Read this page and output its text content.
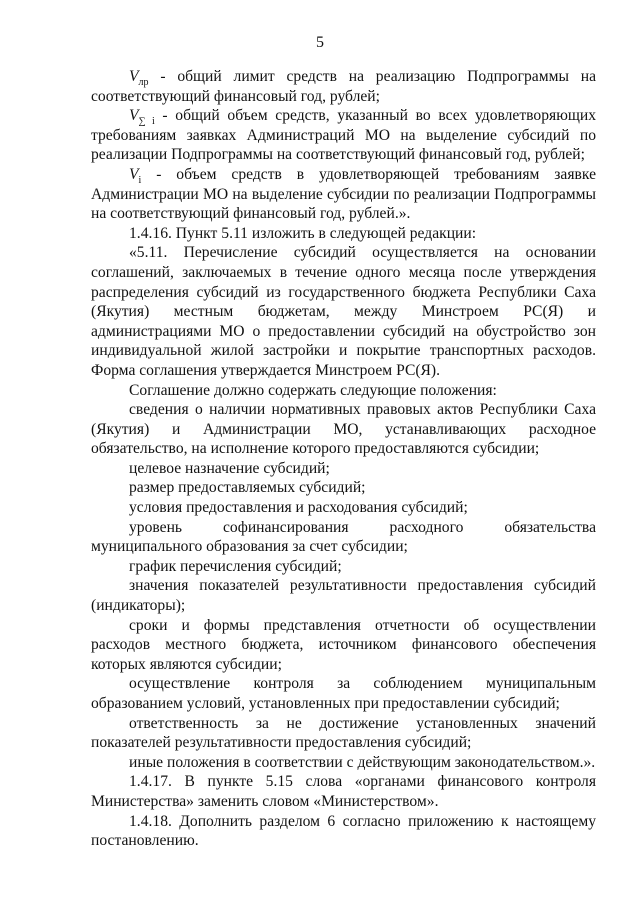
5

$V_{лр}$ - общий лимит средств на реализацию Подпрограммы на соответствующий финансовый год, рублей;

$V_{\sum i}$ - общий объем средств, указанный во всех удовлетворяющих требованиям заявках Администраций МО на выделение субсидий по реализации Подпрограммы на соответствующий финансовый год, рублей;

$V_i$ - объем средств в удовлетворяющей требованиям заявке Администрации МО на выделение субсидии по реализации Подпрограммы на соответствующий финансовый год, рублей.».

1.4.16. Пункт 5.11 изложить в следующей редакции:

«5.11. Перечисление субсидий осуществляется на основании соглашений, заключаемых в течение одного месяца после утверждения распределения субсидий из государственного бюджета Республики Саха (Якутия) местным бюджетам, между Минстроем РС(Я) и администрациями МО о предоставлении субсидий на обустройство зон индивидуальной жилой застройки и покрытие транспортных расходов. Форма соглашения утверждается Минстроем РС(Я).

Соглашение должно содержать следующие положения:

сведения о наличии нормативных правовых актов Республики Саха (Якутия) и Администрации МО, устанавливающих расходное обязательство, на исполнение которого предоставляются субсидии;

целевое назначение субсидий;

размер предоставляемых субсидий;

условия предоставления и расходования субсидий;

уровень софинансирования расходного обязательства муниципального образования за счет субсидии;

график перечисления субсидий;

значения показателей результативности предоставления субсидий (индикаторы);

сроки и формы представления отчетности об осуществлении расходов местного бюджета, источником финансового обеспечения которых являются субсидии;

осуществление контроля за соблюдением муниципальным образованием условий, установленных при предоставлении субсидий;

ответственность за не достижение установленных значений показателей результативности предоставления субсидий;

иные положения в соответствии с действующим законодательством.».

1.4.17. В пункте 5.15 слова «органами финансового контроля Министерства» заменить словом «Министерством».

1.4.18. Дополнить разделом 6 согласно приложению к настоящему постановлению.
